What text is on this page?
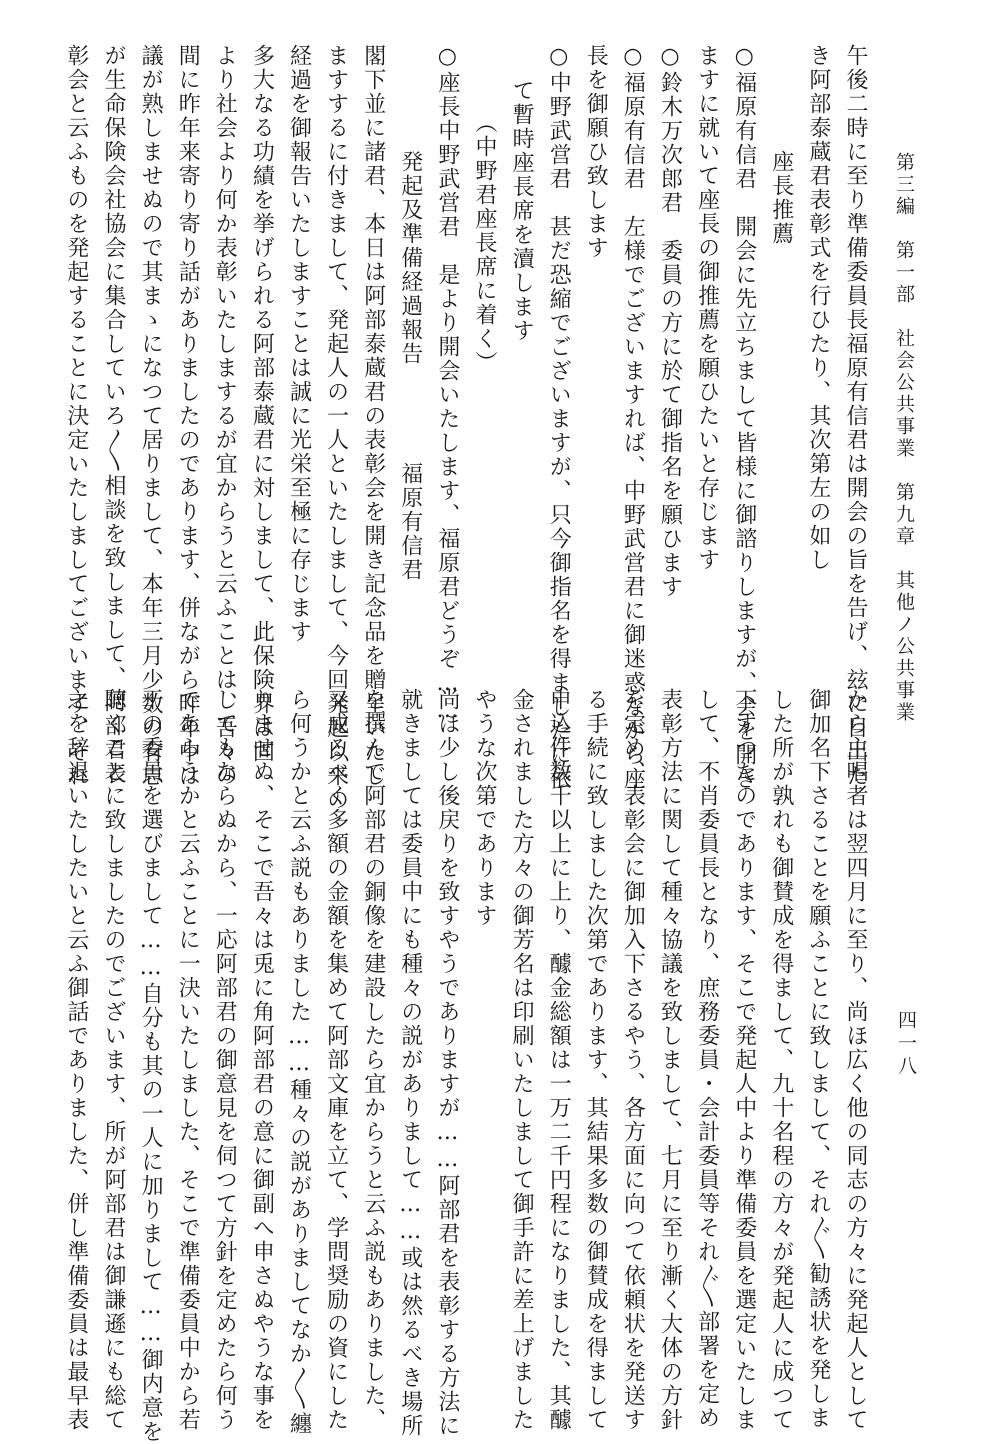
第三編　第一部　社会公共事業　第九章　其他ノ公共事業
四一八
午後二時に至り準備委員長福原有信君は開会の旨を告げ、玆に目出た
き阿部泰蔵君表彰式を行ひたり、其次第左の如し
座長推薦
○福原有信君　開会に先立ちまして皆様に御諮りしますが、会を開き
ますに就いて座長の御推薦を願ひたいと存じます
○鈴木万次郎君　委員の方に於て御指名を願ひます
○福原有信君　左様でございますれば、中野武営君に御迷惑ながら座
長を御願ひ致します
○中野武営君　甚だ恐縮でございますが、只今御指名を得ましたに依
て暫時座長席を瀆します
（中野君座長席に着く）
○座長中野武営君　是より開会いたします、福原君どうぞ……
発起及準備経過報告　　　　福原有信君
閣下並に諸君、本日は阿部泰蔵君の表彰会を開き記念品を贈呈いたし
ますするに付きまして、発起人の一人といたしまして、今回発起以来の
経過を御報告いたしますことは誠に光栄至極に存じます
多大なる功績を挙げられる阿部泰蔵君に対しまして、此保険界は固
より社会より何か表彰いたしまするが宜からうと云ふことは、吾々の
間に昨年来寄り寄り話がありましたのであります、併ながら昨年中は
議が熟しませぬので其まゝになつて居りまして、本年三月少数の有志
が生命保険会社協会に集合していろ〳〵相談を致しまして、阿部君表
彰会と云ふものを発起することに決定いたしましてございます、それ
から主唱者は翌四月に至り、尚ほ広く他の同志の方々に発起人として
御加名下さることを願ふことに致しまして、それ〴〵勧誘状を発しま
した所が孰れも御賛成を得まして、九十名程の方々が発起人に成つて
下すつたのであります、そこで発起人中より準備委員を選定いたしま
して、不肖委員長となり、庶務委員・会計委員等それ〴〵部署を定め
表彰方法に関して種々協議を致しまして、七月に至り漸く大体の方針
を定め、表彰会に御加入下さるやう、各方面に向つて依頼状を発送す
る手続に致しました次第であります、其結果多数の御賛成を得まして
申込件数千以上に上り、醵金総額は一万二千円程になりました、其醵
金されました方々の御芳名は印刷いたしまして御手許に差上げました
やうな次第であります
尚ほ少し後戻りを致すやうでありますが……阿部君を表彰する方法に
就きましては委員中にも種々の説がありまして……或は然るべき場所
を撰んで阿部君の銅像を建設したら宜からうと云ふ説もありました、
又成るべく多額の金額を集めて阿部文庫を立て、学問奨励の資にした
ら何うかと云ふ説もありました……種々の説がありましてなか〳〵纏
りませぬ、そこで吾々は兎に角阿部君の意に御副へ申さぬやうな事を
してもならぬから、一応阿部君の御意見を伺つて方針を定めたら何う
であらうかと云ふことに一決いたしました、そこで準備委員中から若
干の委員を選びまして……自分も其の一人に加りまして……御内意を
聴くことに致しましたのでございます、所が阿部君は御謙遜にも総て
之を辞退いたしたいと云ふ御話でありました、併し準備委員は最早表
